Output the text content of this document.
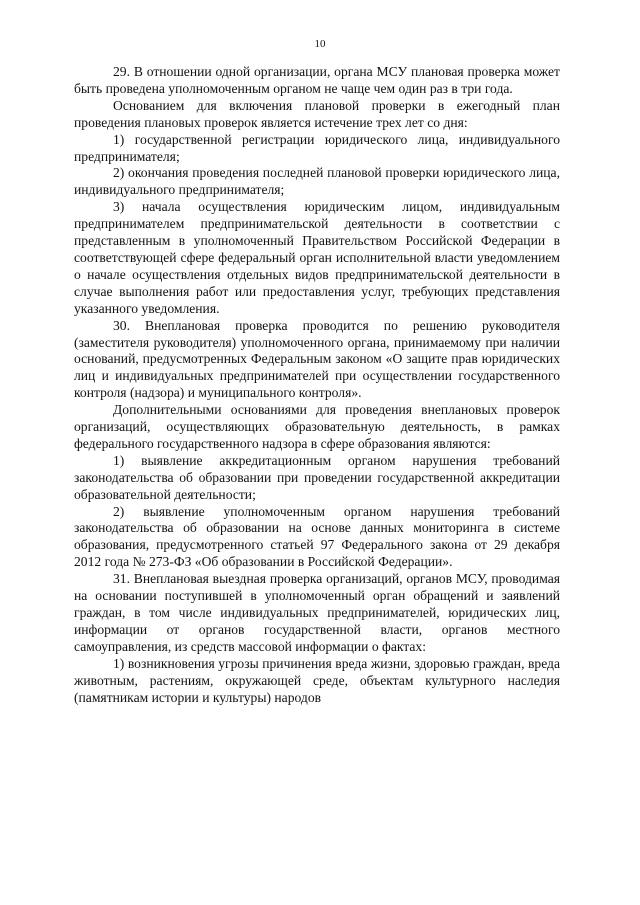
10

29. В отношении одной организации, органа МСУ плановая проверка может быть проведена уполномоченным органом не чаще чем один раз в три года.

Основанием для включения плановой проверки в ежегодный план проведения плановых проверок является истечение трех лет со дня:

1) государственной регистрации юридического лица, индивидуального предпринимателя;

2) окончания проведения последней плановой проверки юридического лица, индивидуального предпринимателя;

3) начала осуществления юридическим лицом, индивидуальным предпринимателем предпринимательской деятельности в соответствии с представленным в уполномоченный Правительством Российской Федерации в соответствующей сфере федеральный орган исполнительной власти уведомлением о начале осуществления отдельных видов предпринимательской деятельности в случае выполнения работ или предоставления услуг, требующих представления указанного уведомления.

30. Внеплановая проверка проводится по решению руководителя (заместителя руководителя) уполномоченного органа, принимаемому при наличии оснований, предусмотренных Федеральным законом «О защите прав юридических лиц и индивидуальных предпринимателей при осуществлении государственного контроля (надзора) и муниципального контроля».

Дополнительными основаниями для проведения внеплановых проверок организаций, осуществляющих образовательную деятельность, в рамках федерального государственного надзора в сфере образования являются:

1) выявление аккредитационным органом нарушения требований законодательства об образовании при проведении государственной аккредитации образовательной деятельности;

2) выявление уполномоченным органом нарушения требований законодательства об образовании на основе данных мониторинга в системе образования, предусмотренного статьей 97 Федерального закона от 29 декабря 2012 года № 273-ФЗ «Об образовании в Российской Федерации».

31. Внеплановая выездная проверка организаций, органов МСУ, проводимая на основании поступившей в уполномоченный орган обращений и заявлений граждан, в том числе индивидуальных предпринимателей, юридических лиц, информации от органов государственной власти, органов местного самоуправления, из средств массовой информации о фактах:

1) возникновения угрозы причинения вреда жизни, здоровью граждан, вреда животным, растениям, окружающей среде, объектам культурного наследия (памятникам истории и культуры) народов
